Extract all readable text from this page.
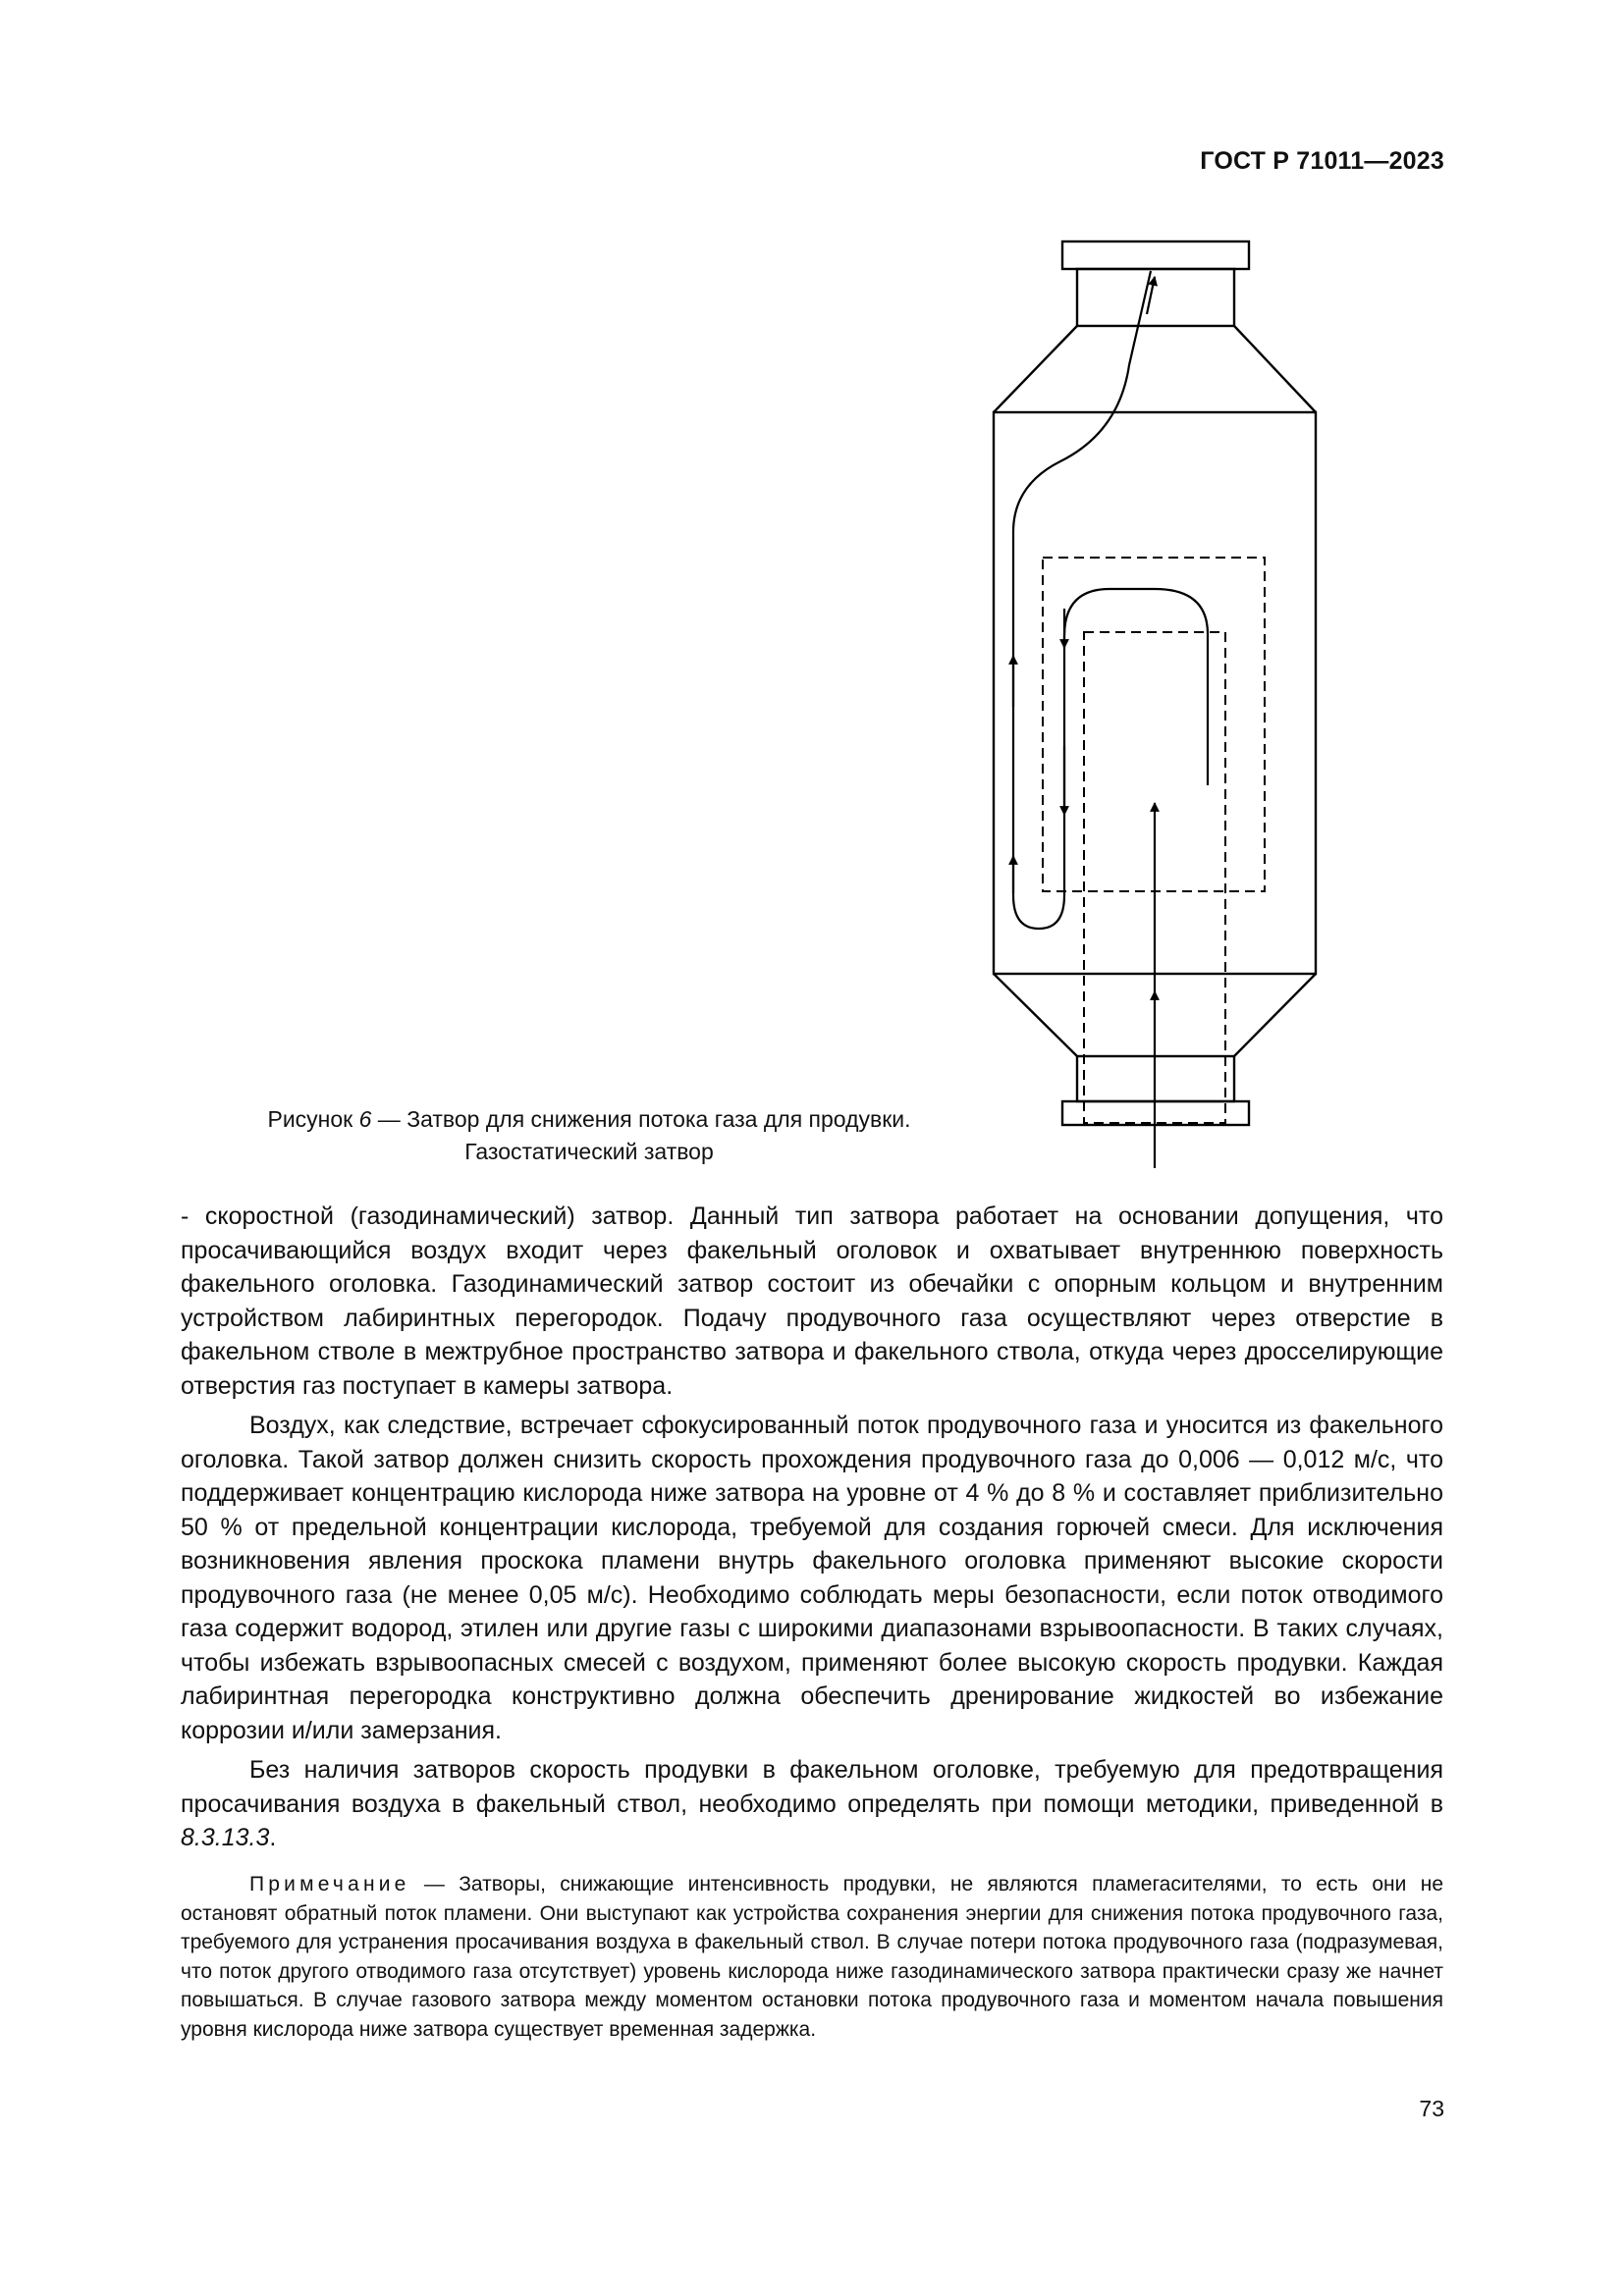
ГОСТ Р 71011—2023
Рисунок 6 — Затвор для снижения потока газа для продувки.
Газостатический затвор

- скоростной (газодинамический) затвор. Данный тип затвора работает на основании допущения, что просачивающийся воздух входит через факельный оголовок и охватывает внутреннюю поверхность факельного оголовка. Газодинамический затвор состоит из обечайки с опорным кольцом и внутренним устройством лабиринтных перегородок. Подачу продувочного газа осуществляют через отверстие в факельном стволе в межтрубное пространство затвора и факельного ствола, откуда через дросселирующие отверстия газ поступает в камеры затвора.

Воздух, как следствие, встречает сфокусированный поток продувочного газа и уносится из факельного оголовка. Такой затвор должен снизить скорость прохождения продувочного газа до 0,006 — 0,012 м/с, что поддерживает концентрацию кислорода ниже затвора на уровне от 4 % до 8 % и составляет приблизительно 50 % от предельной концентрации кислорода, требуемой для создания горючей смеси. Для исключения возникновения явления проскока пламени внутрь факельного оголовка применяют высокие скорости продувочного газа (не менее 0,05 м/с). Необходимо соблюдать меры безопасности, если поток отводимого газа содержит водород, этилен или другие газы с широкими диапазонами взрывоопасности. В таких случаях, чтобы избежать взрывоопасных смесей с воздухом, применяют более высокую скорость продувки. Каждая лабиринтная перегородка конструктивно должна обеспечить дренирование жидкостей во избежание коррозии и/или замерзания.

Без наличия затворов скорость продувки в факельном оголовке, требуемую для предотвращения просачивания воздуха в факельный ствол, необходимо определять при помощи методики, приведенной в 8.3.13.3.

Примечание — Затворы, снижающие интенсивность продувки, не являются пламегасителями, то есть они не остановят обратный поток пламени. Они выступают как устройства сохранения энергии для снижения потока продувочного газа, требуемого для устранения просачивания воздуха в факельный ствол. В случае потери потока продувочного газа (подразумевая, что поток другого отводимого газа отсутствует) уровень кислорода ниже газодинамического затвора практически сразу же начнет повышаться. В случае газового затвора между моментом остановки потока продувочного газа и моментом начала повышения уровня кислорода ниже затвора существует временная задержка.

73
